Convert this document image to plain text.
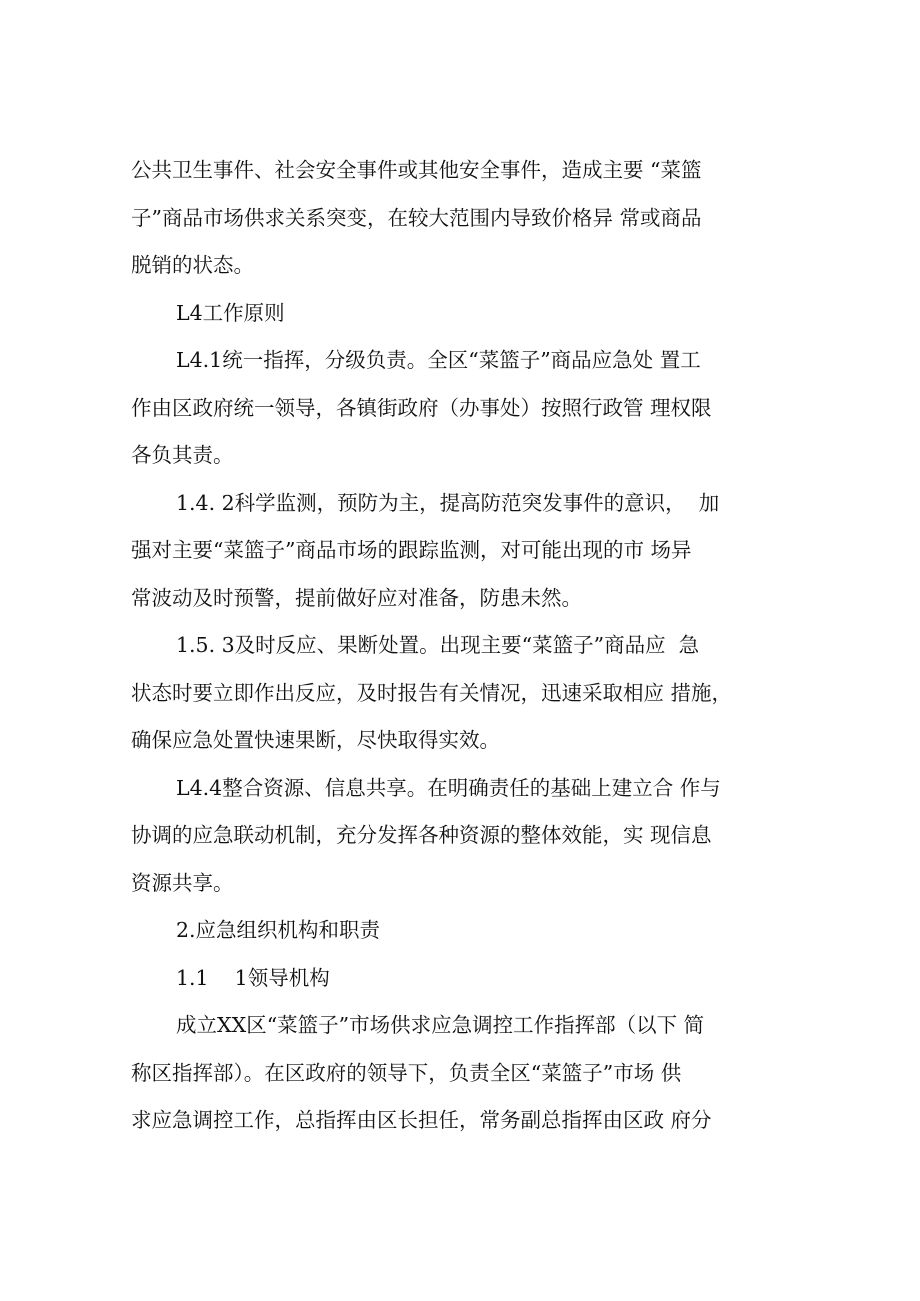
公共卫生事件、社会安全事件或其他安全事件，造成主要 “菜篮
子”商品市场供求关系突变，在较大范围内导致价格异 常或商品
脱销的状态。
L4工作原则
L4.1统一指挥，分级负责。全区“菜篮子”商品应急处 置工
作由区政府统一领导，各镇街政府（办事处）按照行政管 理权限
各负其责。
1.4. 2科学监测，预防为主，提高防范突发事件的意识，  加
强对主要“菜篮子”商品市场的跟踪监测，对可能出现的市 场异
常波动及时预警，提前做好应对准备，防患未然。
1.5. 3及时反应、果断处置。出现主要“菜篮子”商品应  急
状态时要立即作出反应，及时报告有关情况，迅速采取相应 措施，
确保应急处置快速果断，尽快取得实效。
L4.4整合资源、信息共享。在明确责任的基础上建立合 作与
协调的应急联动机制，充分发挥各种资源的整体效能，实 现信息
资源共享。
2.应急组织机构和职责
1.1    1领导机构
成立XX区“菜篮子”市场供求应急调控工作指挥部（以下 简
称区指挥部）。在区政府的领导下，负责全区“菜篮子”市场 供
求应急调控工作，总指挥由区长担任，常务副总指挥由区政 府分
